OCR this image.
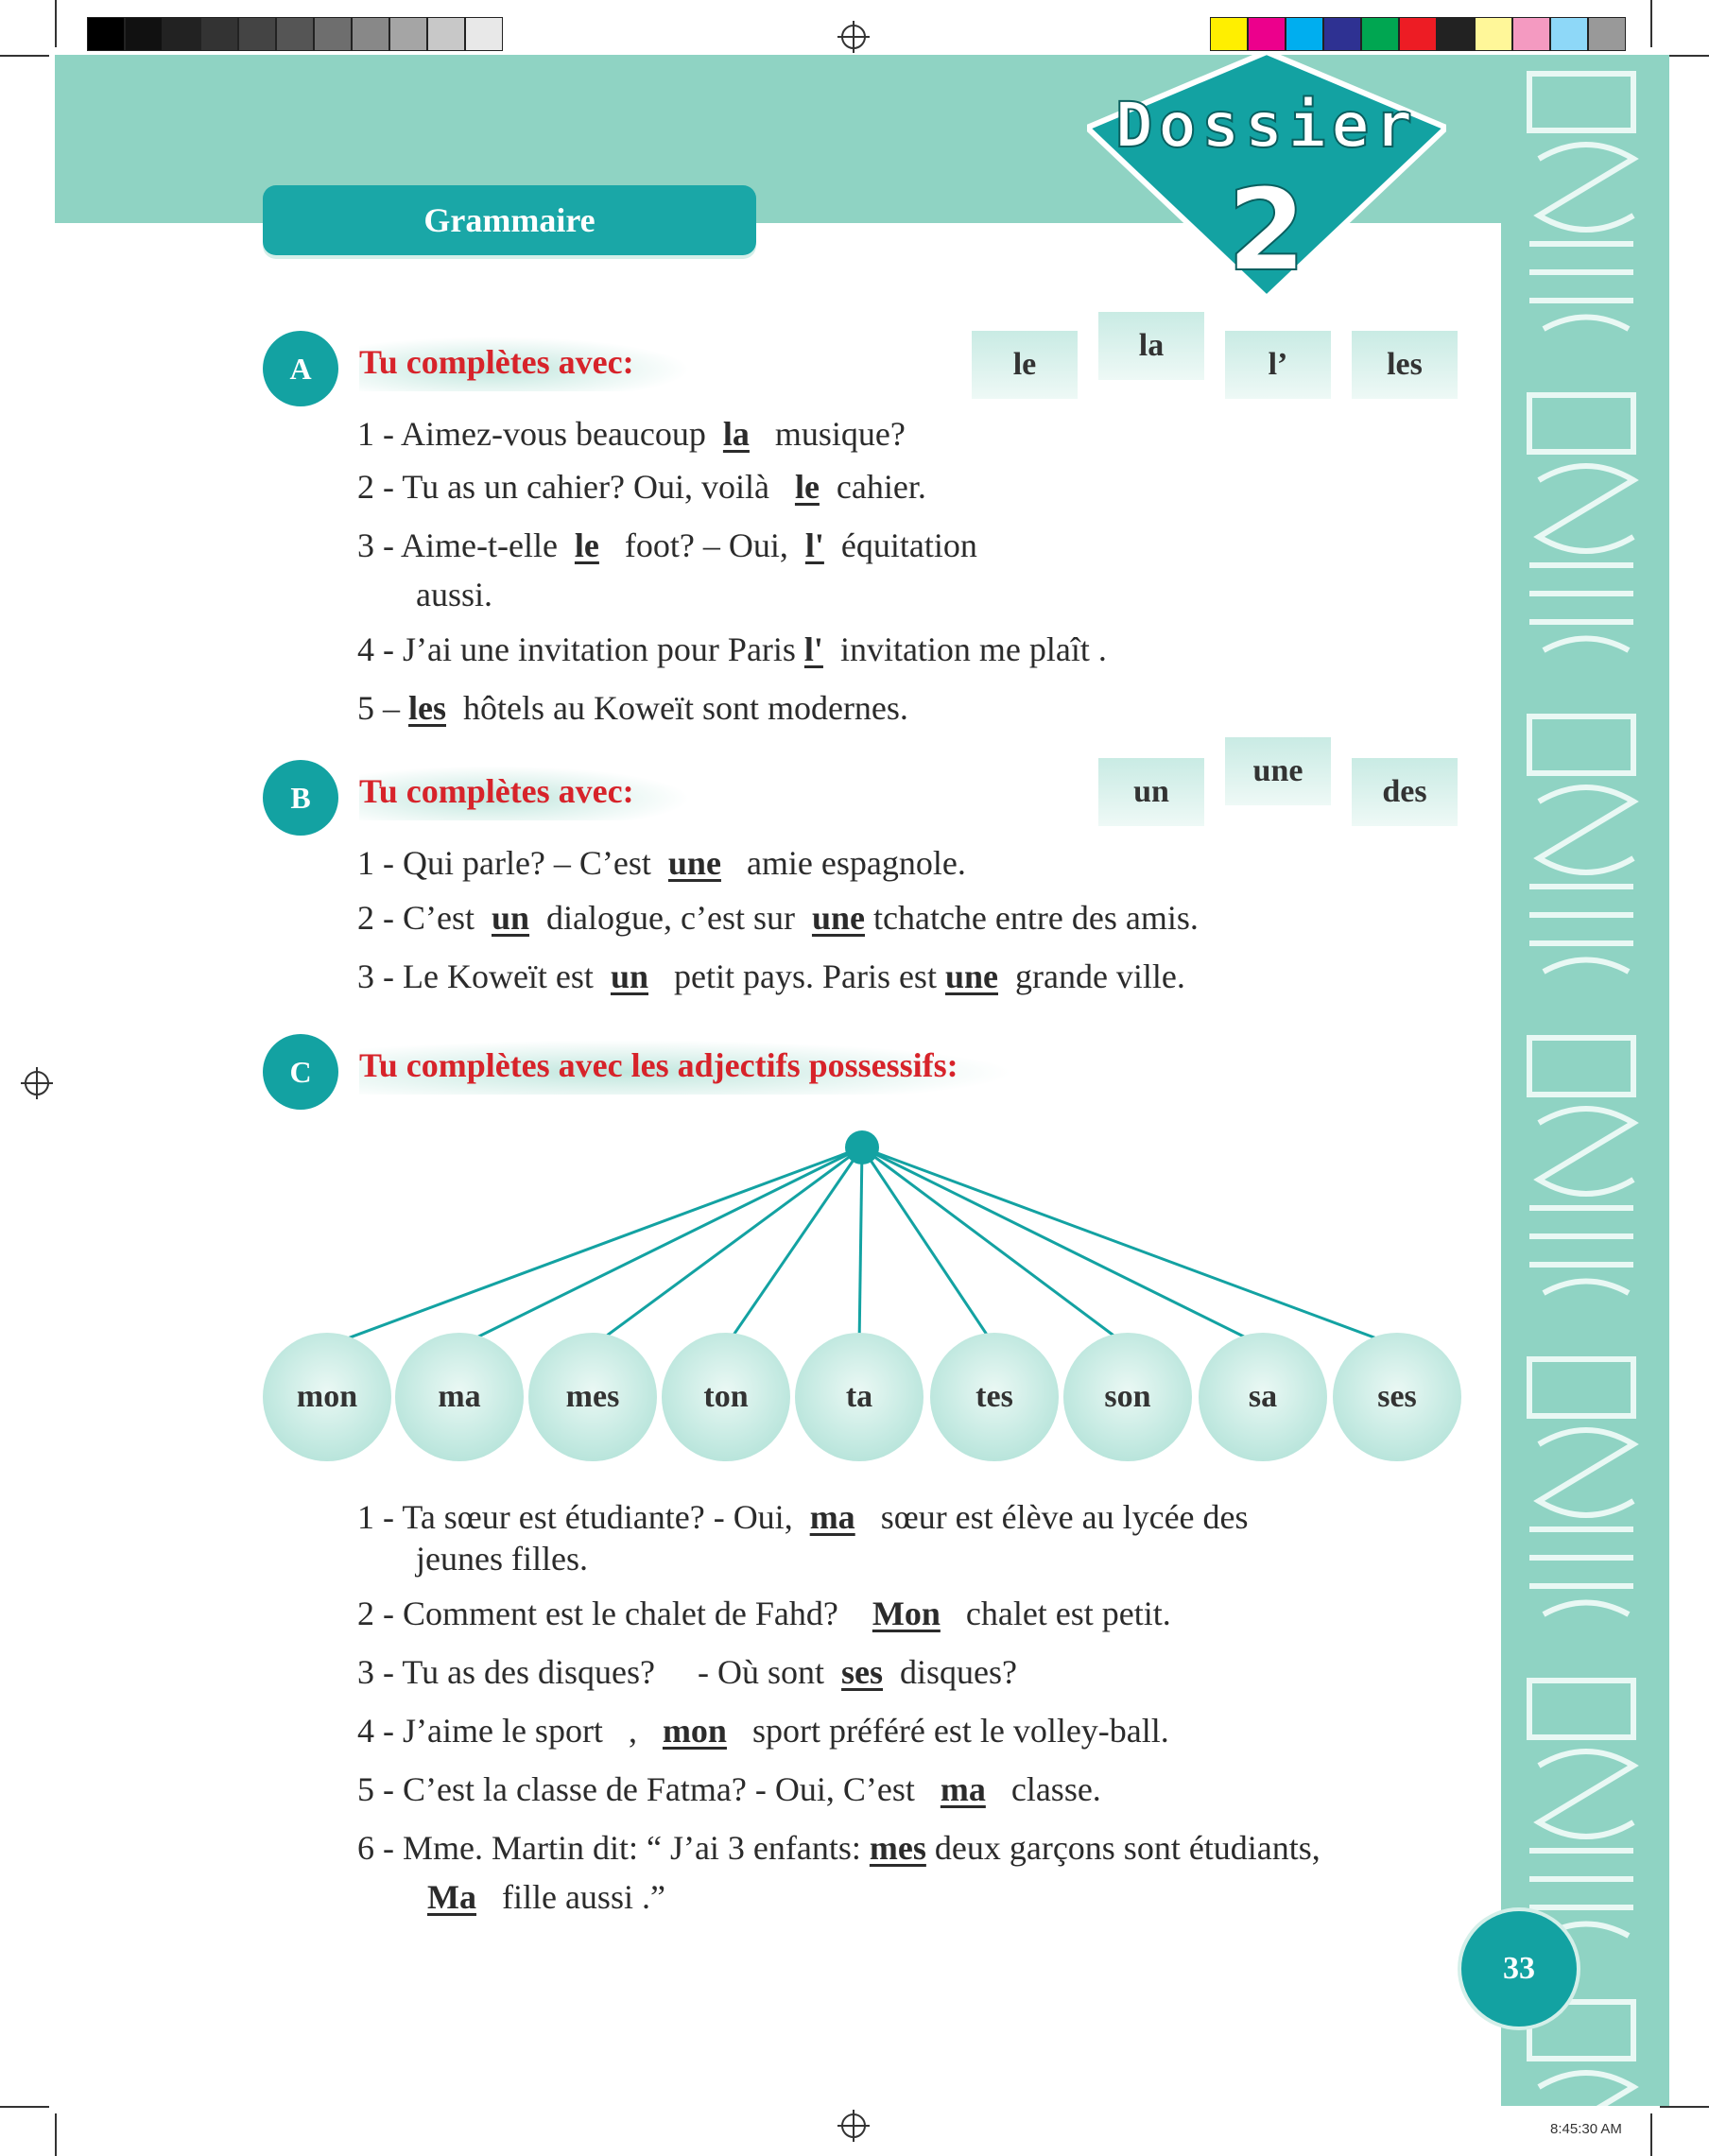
Dossier
2
Grammaire
A	Tu complètes avec:	le
la
l’	les
1 - Aimez-vous beaucoup la musique?
2 - Tu as un cahier? Oui, voilà le cahier.
3 - Aime-t-elle le foot? – Oui, l' équitation
aussi.
4 - J’ai une invitation pour Paris l' invitation me plaît .
5 – les hôtels au Koweït sont modernes.
B	Tu complètes avec:	un
une
des
1 - Qui parle? – C’est une amie espagnole.
2 - C’est un dialogue, c’est sur une tchatche entre des amis.
3 - Le Koweït est un petit pays. Paris est une grande ville.
C	Tu complètes avec les adjectifs possessifs:
mon	ma	mes	ton	ta	tes	son	sa	ses
1 - Ta sœur est étudiante? - Oui, ma sœur est élève au lycée des
jeunes filles.
2 - Comment est le chalet de Fahd? Mon chalet est petit.
3 - Tu as des disques? - Où sont ses disques?
4 - J’aime le sport , mon sport préféré est le volley-ball.
5 - C’est la classe de Fatma? - Oui, C’est ma classe.
6 - Mme. Martin dit: “ J’ai 3 enfants: mes deux garçons sont étudiants,
Ma fille aussi .”
33
8:45:30 AM
